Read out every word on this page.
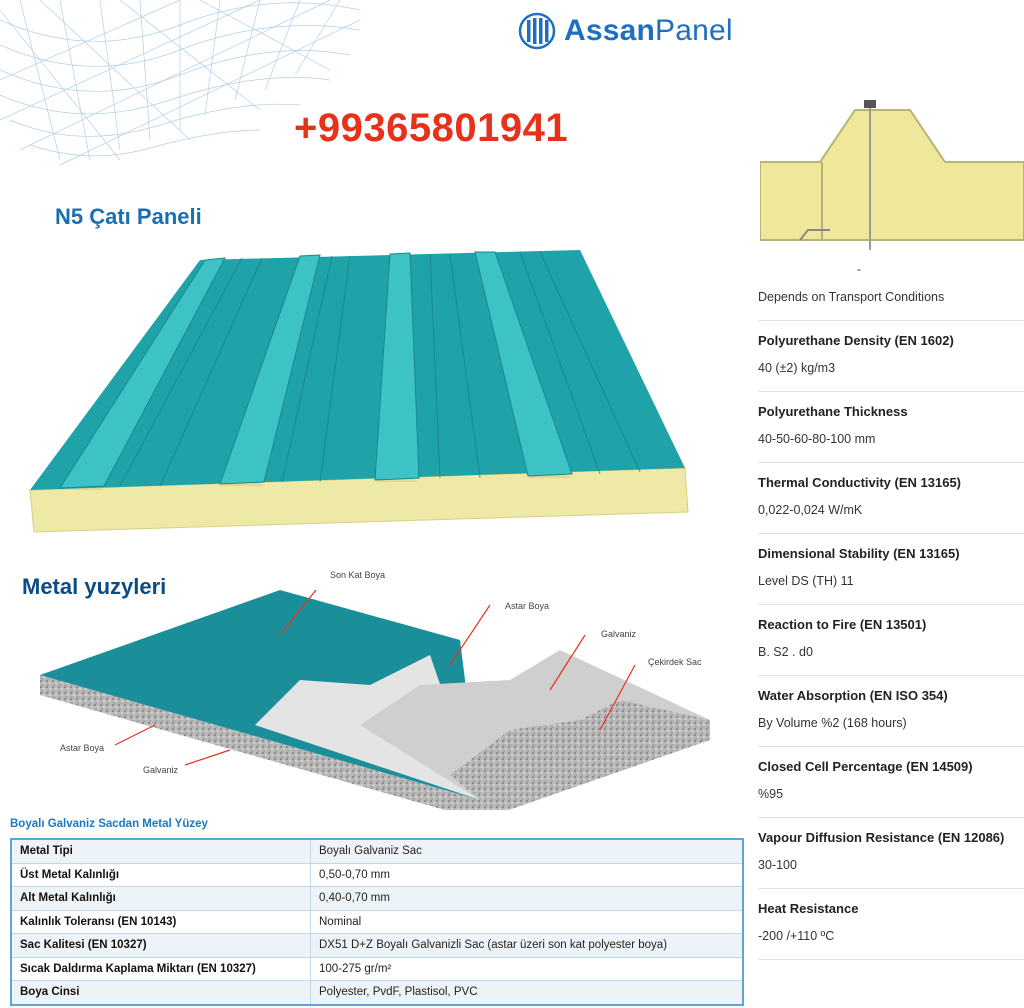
AssanPanel
+99365801941
N5 Çatı Paneli
Metal yuzyleri	Son Kat Boya
Astar Boya
Galvaniz
Çekirdek Sac
Astar Boya
Galvaniz
-
Depends on Transport Conditions
Polyurethane Density (EN 1602)
40 (±2) kg/m3
Polyurethane Thickness
40-50-60-80-100 mm
Thermal Conductivity (EN 13165)
0,022-0,024 W/mK
Dimensional Stability (EN 13165)
Level DS (TH) 11
Reaction to Fire (EN 13501)
B. S2 . d0
Water Absorption (EN ISO 354)
By Volume %2 (168 hours)
Closed Cell Percentage (EN 14509)
%95
Vapour Diffusion Resistance (EN 12086)
30-100
Heat Resistance
-200 /+110 ºC
Boyalı Galvaniz Sacdan Metal Yüzey
Metal Tipi	Boyalı Galvaniz Sac
Üst Metal Kalınlığı	0,50-0,70 mm
Alt Metal Kalınlığı	0,40-0,70 mm
Kalınlık Toleransı (EN 10143)	Nominal
Sac Kalitesi (EN 10327)	DX51 D+Z Boyalı Galvanizli Sac (astar üzeri son kat polyester boya)
Sıcak Daldırma Kaplama Miktarı (EN 10327)	100-275 gr/m²
Boya Cinsi	Polyester, PvdF, Plastisol, PVC
